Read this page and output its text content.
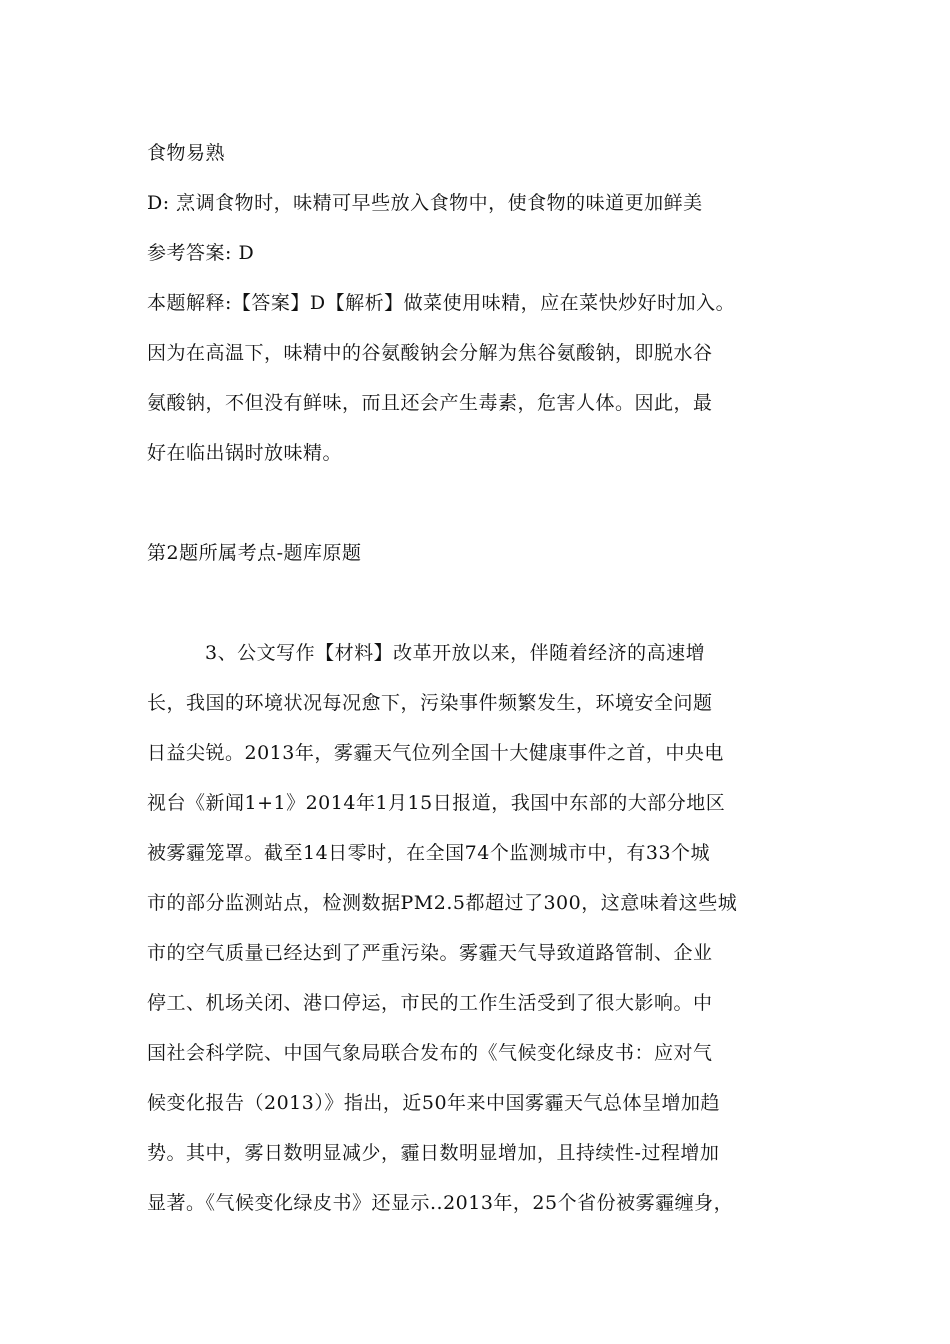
食物易熟
D: 烹调食物时，味精可早些放入食物中，使食物的味道更加鲜美
参考答案: D
本题解释:【答案】D【解析】做菜使用味精，应在菜快炒好时加入。
因为在高温下，味精中的谷氨酸钠会分解为焦谷氨酸钠，即脱水谷
氨酸钠，不但没有鲜味，而且还会产生毒素，危害人体。因此，最
好在临出锅时放味精。
第2题所属考点-题库原题
3、公文写作【材料】改革开放以来，伴随着经济的高速增
长，我国的环境状况每况愈下，污染事件频繁发生，环境安全问题
日益尖锐。2013年，雾霾天气位列全国十大健康事件之首，中央电
视台《新闻1+1》2014年1月15日报道，我国中东部的大部分地区
被雾霾笼罩。截至14日零时，在全国74个监测城市中，有33个城
市的部分监测站点，检测数据PM2.5都超过了300，这意味着这些城
市的空气质量已经达到了严重污染。雾霾天气导致道路管制、企业
停工、机场关闭、港口停运，市民的工作生活受到了很大影响。中
国社会科学院、中国气象局联合发布的《气候变化绿皮书：应对气
候变化报告（2013）》指出，近50年来中国雾霾天气总体呈增加趋
势。其中，雾日数明显减少，霾日数明显增加，且持续性-过程增加
显著。《气候变化绿皮书》还显示..2013年，25个省份被雾霾缠身，
